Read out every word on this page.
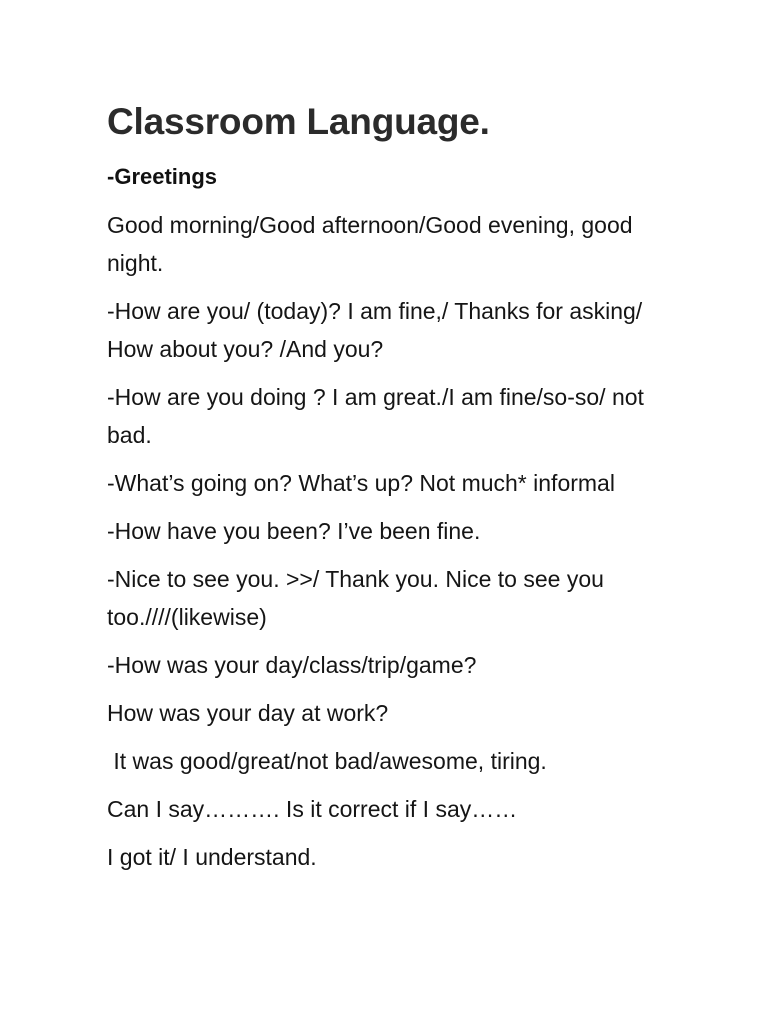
Classroom Language.
-Greetings

Good morning/Good afternoon/Good evening, good night.

-How are you/ (today)? I am fine,/ Thanks for asking/  How about you? /And you?

-How are you doing ? I am great./I am fine/so-so/ not bad.

-What’s going on? What’s up? Not much* informal

-How have you been? I’ve been fine.

-Nice to see you. >>/ Thank you. Nice to see you too.////(likewise)

-How was your day/class/trip/game?

How was your day at work?

It was good/great/not bad/awesome, tiring.

Can I say………. Is it correct if I say……

I got it/ I understand.
